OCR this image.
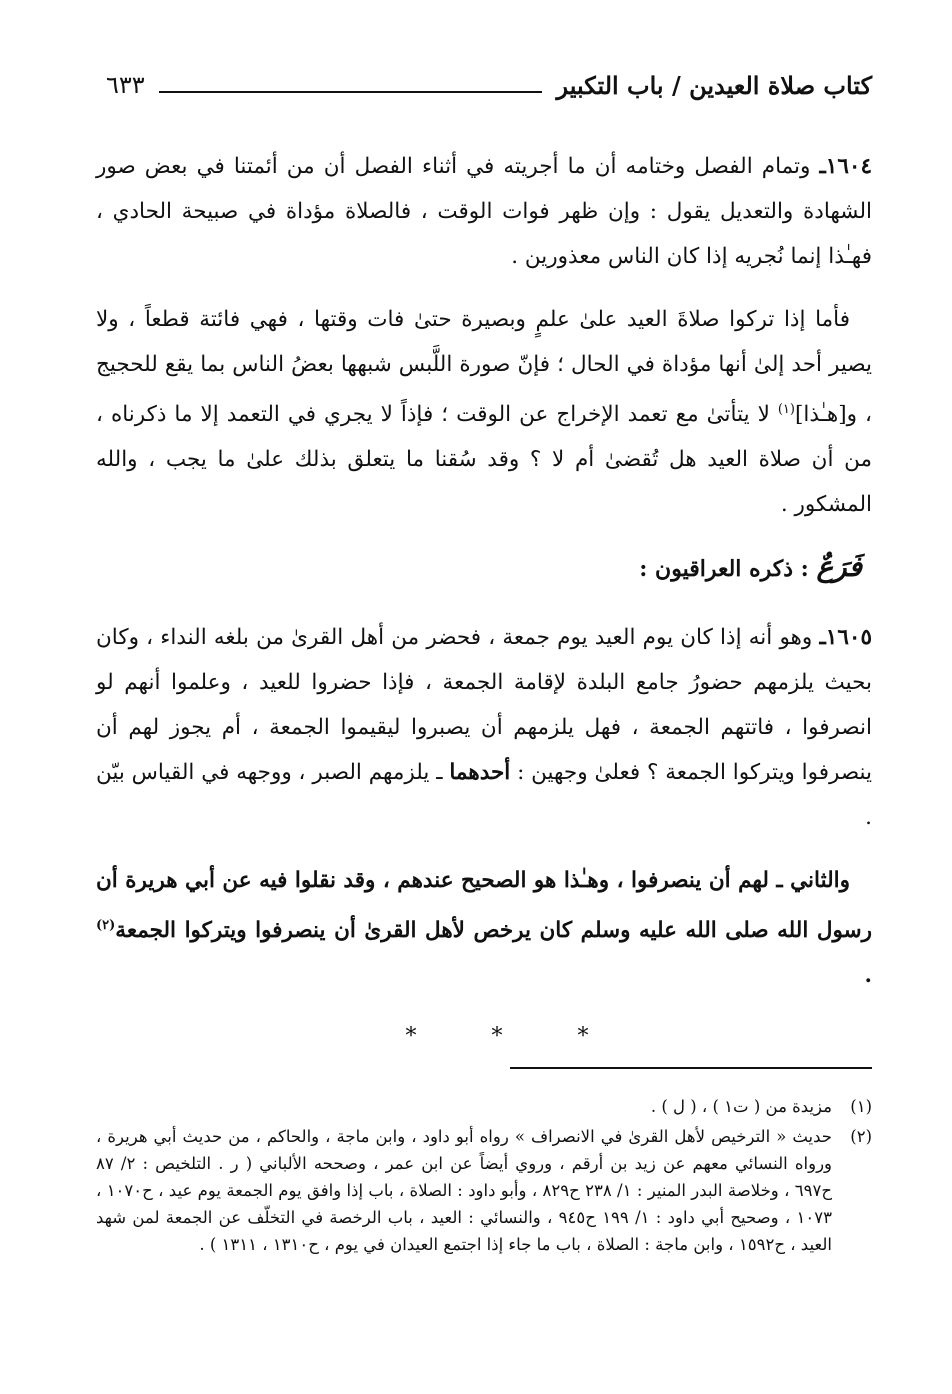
كتاب صلاة العيدين / باب التكبير
٦٣٣

١٦٠٤ـ وتمام الفصل وختامه أن ما أجريته في أثناء الفصل أن من أئمتنا في بعض صور الشهادة والتعديل يقول : وإن ظهر فوات الوقت ، فالصلاة مؤداة في صبيحة الحادي ، فهـٰذا إنما نُجريه إذا كان الناس معذورين .

فأما إذا تركوا صلاةَ العيد علىٰ علمٍ وبصيرة حتىٰ فات وقتها ، فهي فائتة قطعاً ، ولا يصير أحد إلىٰ أنها مؤداة في الحال ؛ فإنّ صورة اللَّبس شبهها بعضُ الناس بما يقع للحجيج ، و[هـٰذا]$^{(١)}$ لا يتأتىٰ مع تعمد الإخراج عن الوقت ؛ فإذاً لا يجري في التعمد إلا ما ذكرناه ، من أن صلاة العيد هل تُقضىٰ أم لا ؟ وقد سُقنا ما يتعلق بذلك علىٰ ما يجب ، والله المشكور .

فَرَعٌ : ذكره العراقيون :

١٦٠٥ـ وهو أنه إذا كان يوم العيد يوم جمعة ، فحضر من أهل القرىٰ من بلغه النداء ، وكان بحيث يلزمهم حضورُ جامع البلدة لإقامة الجمعة ، فإذا حضروا للعيد ، وعلموا أنهم لو انصرفوا ، فاتتهم الجمعة ، فهل يلزمهم أن يصبروا ليقيموا الجمعة ، أم يجوز لهم أن ينصرفوا ويتركوا الجمعة ؟ فعلىٰ وجهين : أحدهما ـ يلزمهم الصبر ، ووجهه في القياس بيّن .

والثاني ـ لهم أن ينصرفوا ، وهـٰذا هو الصحيح عندهم ، وقد نقلوا فيه عن أبي هريرة أن رسول الله صلى الله عليه وسلم كان يرخص لأهل القرىٰ أن ينصرفوا ويتركوا الجمعة$^{(٢)}$ .

* * *
(١)
مزيدة من ( ت١ ) ، ( ل ) .
(٢)
حديث « الترخيص لأهل القرىٰ في الانصراف » رواه أبو داود ، وابن ماجة ، والحاكم ، من حديث أبي هريرة ، ورواه النسائي معهم عن زيد بن أرقم ، وروي أيضاً عن ابن عمر ، وصححه الألباني ( ر . التلخيص : ٢/ ٨٧ ح٦٩٧ ، وخلاصة البدر المنير : ١/ ٢٣٨ ح٨٢٩ ، وأبو داود : الصلاة ، باب إذا وافق يوم الجمعة يوم عيد ، ح١٠٧٠ ، ١٠٧٣ ، وصحيح أبي داود : ١/ ١٩٩ ح٩٤٥ ، والنسائي : العيد ، باب الرخصة في التخلّف عن الجمعة لمن شهد العيد ، ح١٥٩٢ ، وابن ماجة : الصلاة ، باب ما جاء إذا اجتمع العيدان في يوم ، ح١٣١٠ ، ١٣١١ ) .
